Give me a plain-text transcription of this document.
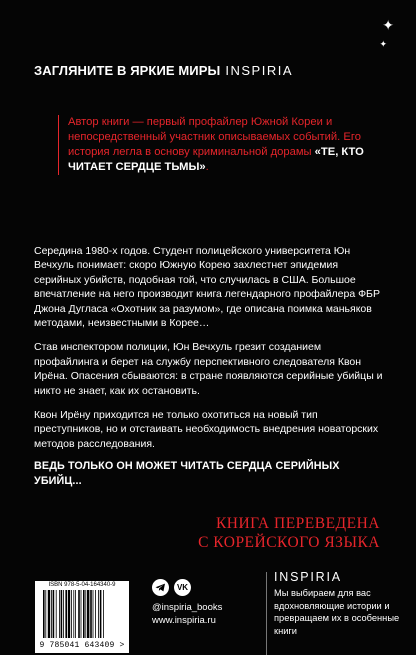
✦
✦
ЗАГЛЯНИТЕ В ЯРКИЕ МИРЫ INSPIRIA
Автор книги — первый профайлер Южной Кореи и непосредственный участник описываемых событий. Его история легла в основу криминальной дорамы «ТЕ, КТО ЧИТАЕТ СЕРДЦЕ ТЬМЫ».

Середина 1980-х годов. Студент полицейского университета Юн Вечхуль понимает: скоро Южную Корею захлестнет эпидемия серийных убийств, подобная той, что случилась в США. Большое впечатление на него производит книга легендарного профайлера ФБР Джона Дугласа «Охотник за разумом», где описана поимка маньяков методами, неизвестными в Корее…

Став инспектором полиции, Юн Вечхуль грезит созданием профайлинга и берет на службу перспективного следователя Квон Ирёна. Опасения сбываются: в стране появляются серийные убийцы и никто не знает, как их остановить.

Квон Ирёну приходится не только охотиться на новый тип преступников, но и отстаивать необходимость внедрения новаторских методов расследования.

ВЕДЬ ТОЛЬКО ОН МОЖЕТ ЧИТАТЬ СЕРДЦА СЕРИЙНЫХ УБИЙЦ...

КНИГА ПЕРЕВЕДЕНА
С КОРЕЙСКОГО ЯЗЫКА
ISBN 978-5-04-164340-9
9 785041 643409 >
VK
@inspiria_books
www.inspiria.ru
INSPIRIA
Мы выбираем для вас вдохновляющие истории и превращаем их в особенные книги
